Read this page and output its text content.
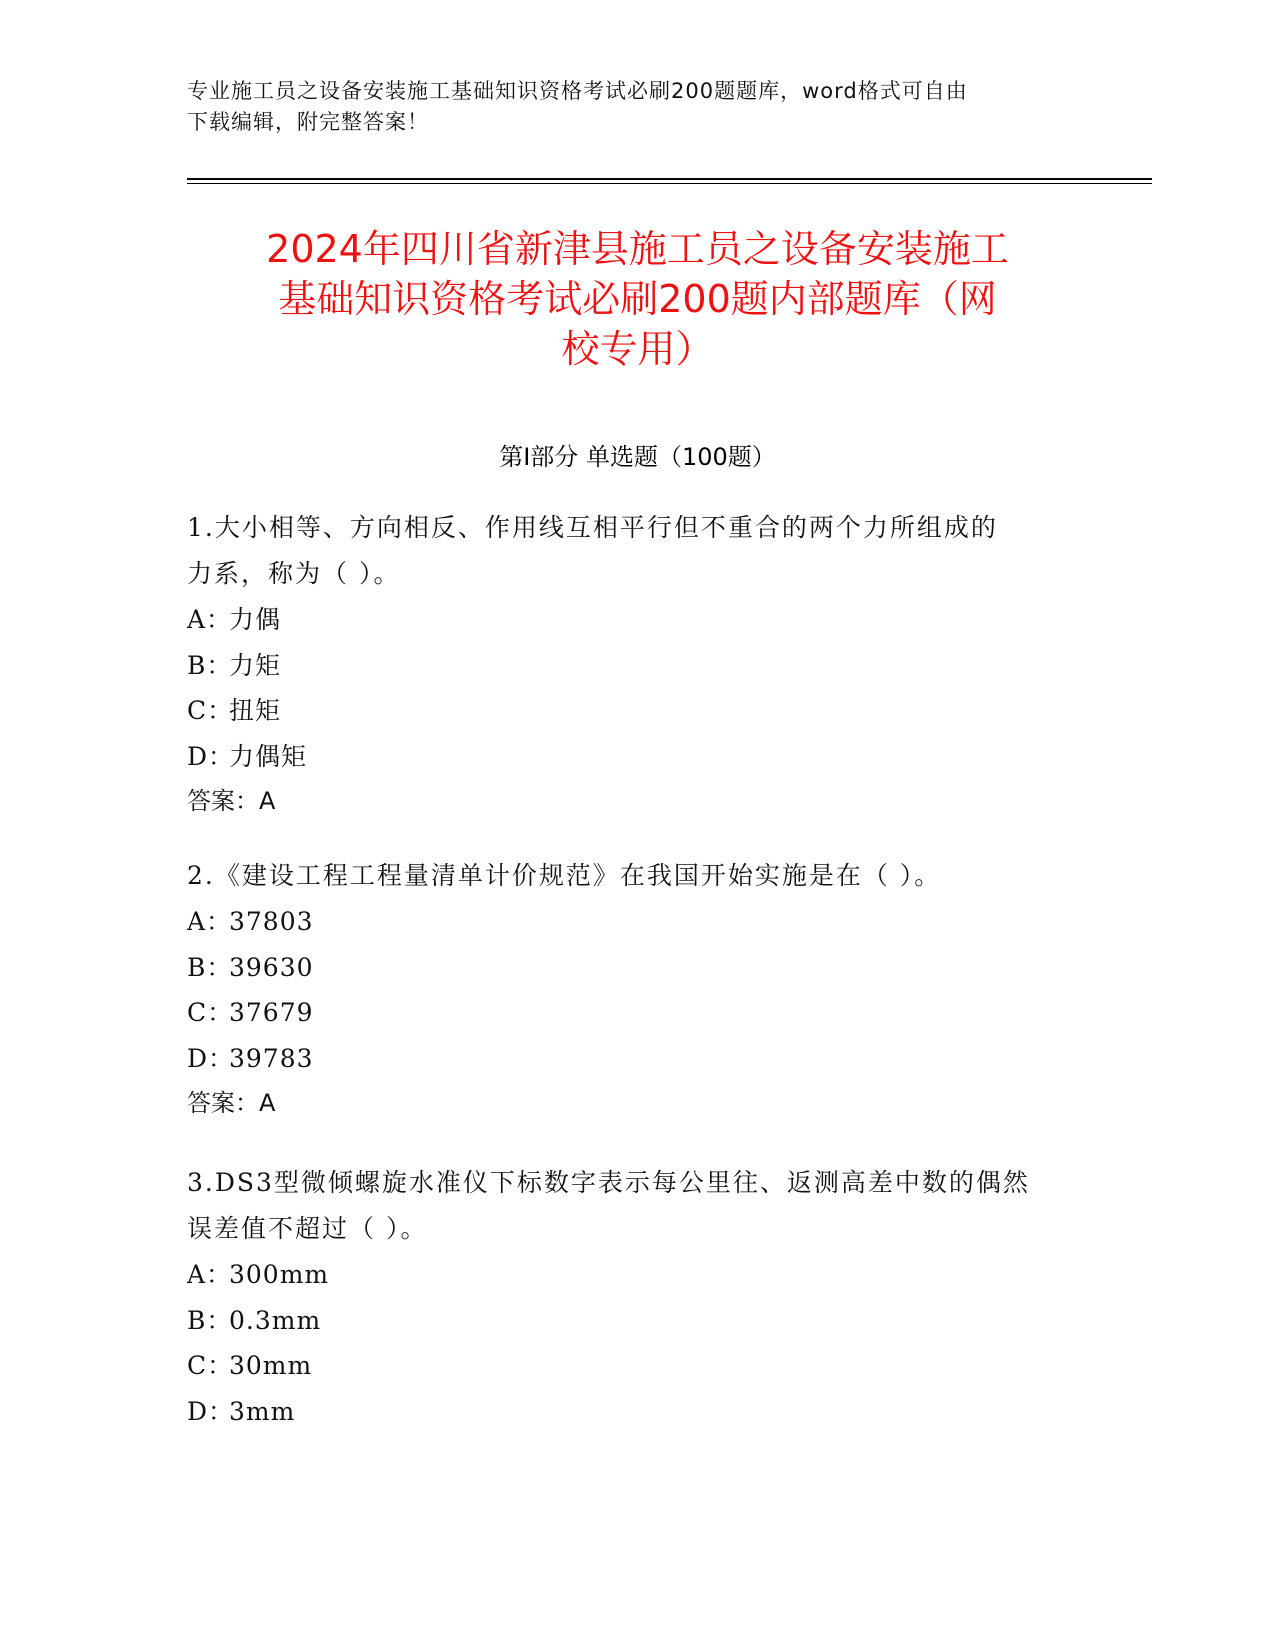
专业施工员之设备安装施工基础知识资格考试必刷200题题库，word格式可自由
下载编辑，附完整答案！
2024年四川省新津县施工员之设备安装施工
基础知识资格考试必刷200题内部题库（网
校专用）
第Ⅰ部分 单选题（100题）

1.大小相等、方向相反、作用线互相平行但不重合的两个力所组成的

力系，称为（ ）。

A：力偶

B：力矩

C：扭矩

D：力偶矩

答案：A

2.《建设工程工程量清单计价规范》在我国开始实施是在（ ）。

A：37803

B：39630

C：37679

D：39783

答案：A

3.DS3型微倾螺旋水准仪下标数字表示每公里往、返测高差中数的偶然

误差值不超过（ ）。

A：300mm

B：0.3mm

C：30mm

D：3mm
